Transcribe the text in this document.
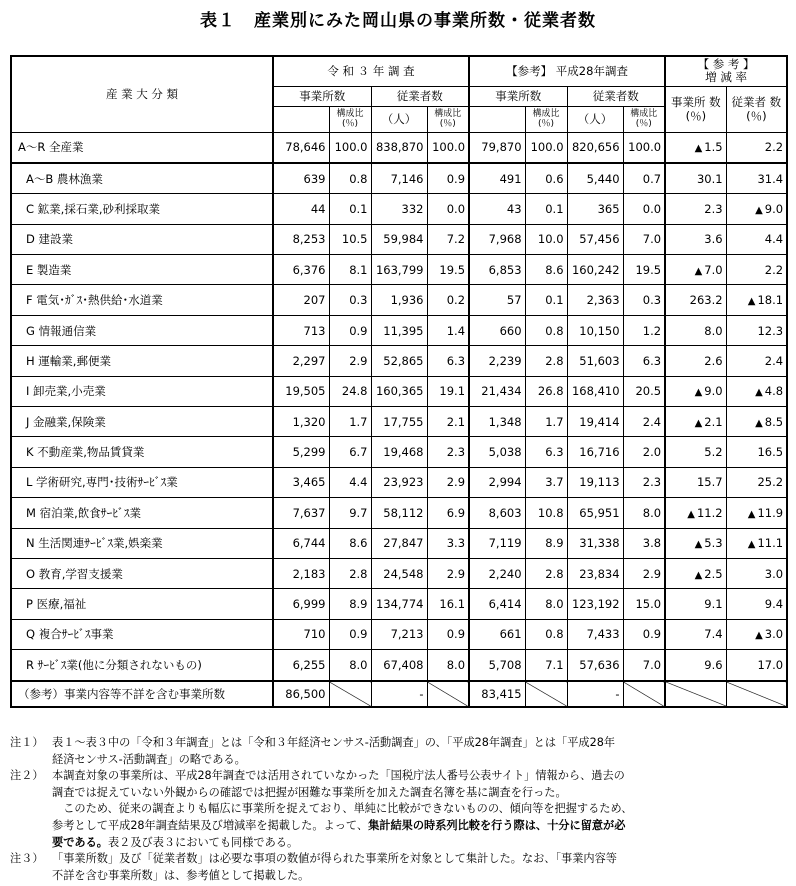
表１　産業別にみた岡山県の事業所数・従業者数
産 業 大 分 類	令 和 ３ 年 調 査				【参考】 平成28年調査				【 参 考 】
増 減 率	

	事業所数		従業者数		事業所数		従業者数		事業所 数(％)	従業者 数(％)
		構成比 (％)	（人）	構成比 (％)		構成比 (％)	（人）	構成比 (％)		
A～R 全産業	78,646	100.0	838,870	100.0	79,870	100.0	820,656	100.0	▲ 1.5	2.2
A～B 農林漁業	639	0.8	7,146	0.9	491	0.6	5,440	0.7	30.1	31.4
C 鉱業,採石業,砂利採取業	44	0.1	332	0.0	43	0.1	365	0.0	2.3	▲ 9.0
D 建設業	8,253	10.5	59,984	7.2	7,968	10.0	57,456	7.0	3.6	4.4
E 製造業	6,376	8.1	163,799	19.5	6,853	8.6	160,242	19.5	▲ 7.0	2.2
F 電気･ｶﾞｽ･熱供給･水道業	207	0.3	1,936	0.2	57	0.1	2,363	0.3	263.2	▲ 18.1
G 情報通信業	713	0.9	11,395	1.4	660	0.8	10,150	1.2	8.0	12.3
H 運輸業,郵便業	2,297	2.9	52,865	6.3	2,239	2.8	51,603	6.3	2.6	2.4
I 卸売業,小売業	19,505	24.8	160,365	19.1	21,434	26.8	168,410	20.5	▲ 9.0	▲ 4.8
J 金融業,保険業	1,320	1.7	17,755	2.1	1,348	1.7	19,414	2.4	▲ 2.1	▲ 8.5
K 不動産業,物品賃貸業	5,299	6.7	19,468	2.3	5,038	6.3	16,716	2.0	5.2	16.5
L 学術研究,専門･技術ｻｰﾋﾞｽ業	3,465	4.4	23,923	2.9	2,994	3.7	19,113	2.3	15.7	25.2
M 宿泊業,飲食ｻｰﾋﾞｽ業	7,637	9.7	58,112	6.9	8,603	10.8	65,951	8.0	▲ 11.2	▲ 11.9
N 生活関連ｻｰﾋﾞｽ業,娯楽業	6,744	8.6	27,847	3.3	7,119	8.9	31,338	3.8	▲ 5.3	▲ 11.1
O 教育,学習支援業	2,183	2.8	24,548	2.9	2,240	2.8	23,834	2.9	▲ 2.5	3.0
P 医療,福祉	6,999	8.9	134,774	16.1	6,414	8.0	123,192	15.0	9.1	9.4
Q 複合ｻｰﾋﾞｽ事業	710	0.9	7,213	0.9	661	0.8	7,433	0.9	7.4	▲ 3.0
R ｻｰﾋﾞｽ業(他に分類されないもの)	6,255	8.0	67,408	8.0	5,708	7.1	57,636	7.0	9.6	17.0
（参考）事業内容等不詳を含む事業所数	86,500		-		83,415		-			
注１） 表１～表３中の「令和３年調査」とは「令和３年経済センサス‐活動調査」の、「平成28年調査」とは「平成28年

経済センサス‐活動調査」の略である。

注２） 本調査対象の事業所は、平成28年調査では活用されていなかった「国税庁法人番号公表サイト」情報から、過去の

調査では捉えていない外観からの確認では把握が困難な事業所を加えた調査名簿を基に調査を行った。

　このため、従来の調査よりも幅広に事業所を捉えており、単純に比較ができないものの、傾向等を把握するため、

参考として平成28年調査結果及び増減率を掲載した。よって、集計結果の時系列比較を行う際は、十分に留意が必

要である。表２及び表３においても同様である。

注３） 「事業所数」及び「従業者数」は必要な事項の数値が得られた事業所を対象として集計した。なお、「事業内容等

不詳を含む事業所数」は、参考値として掲載した。
